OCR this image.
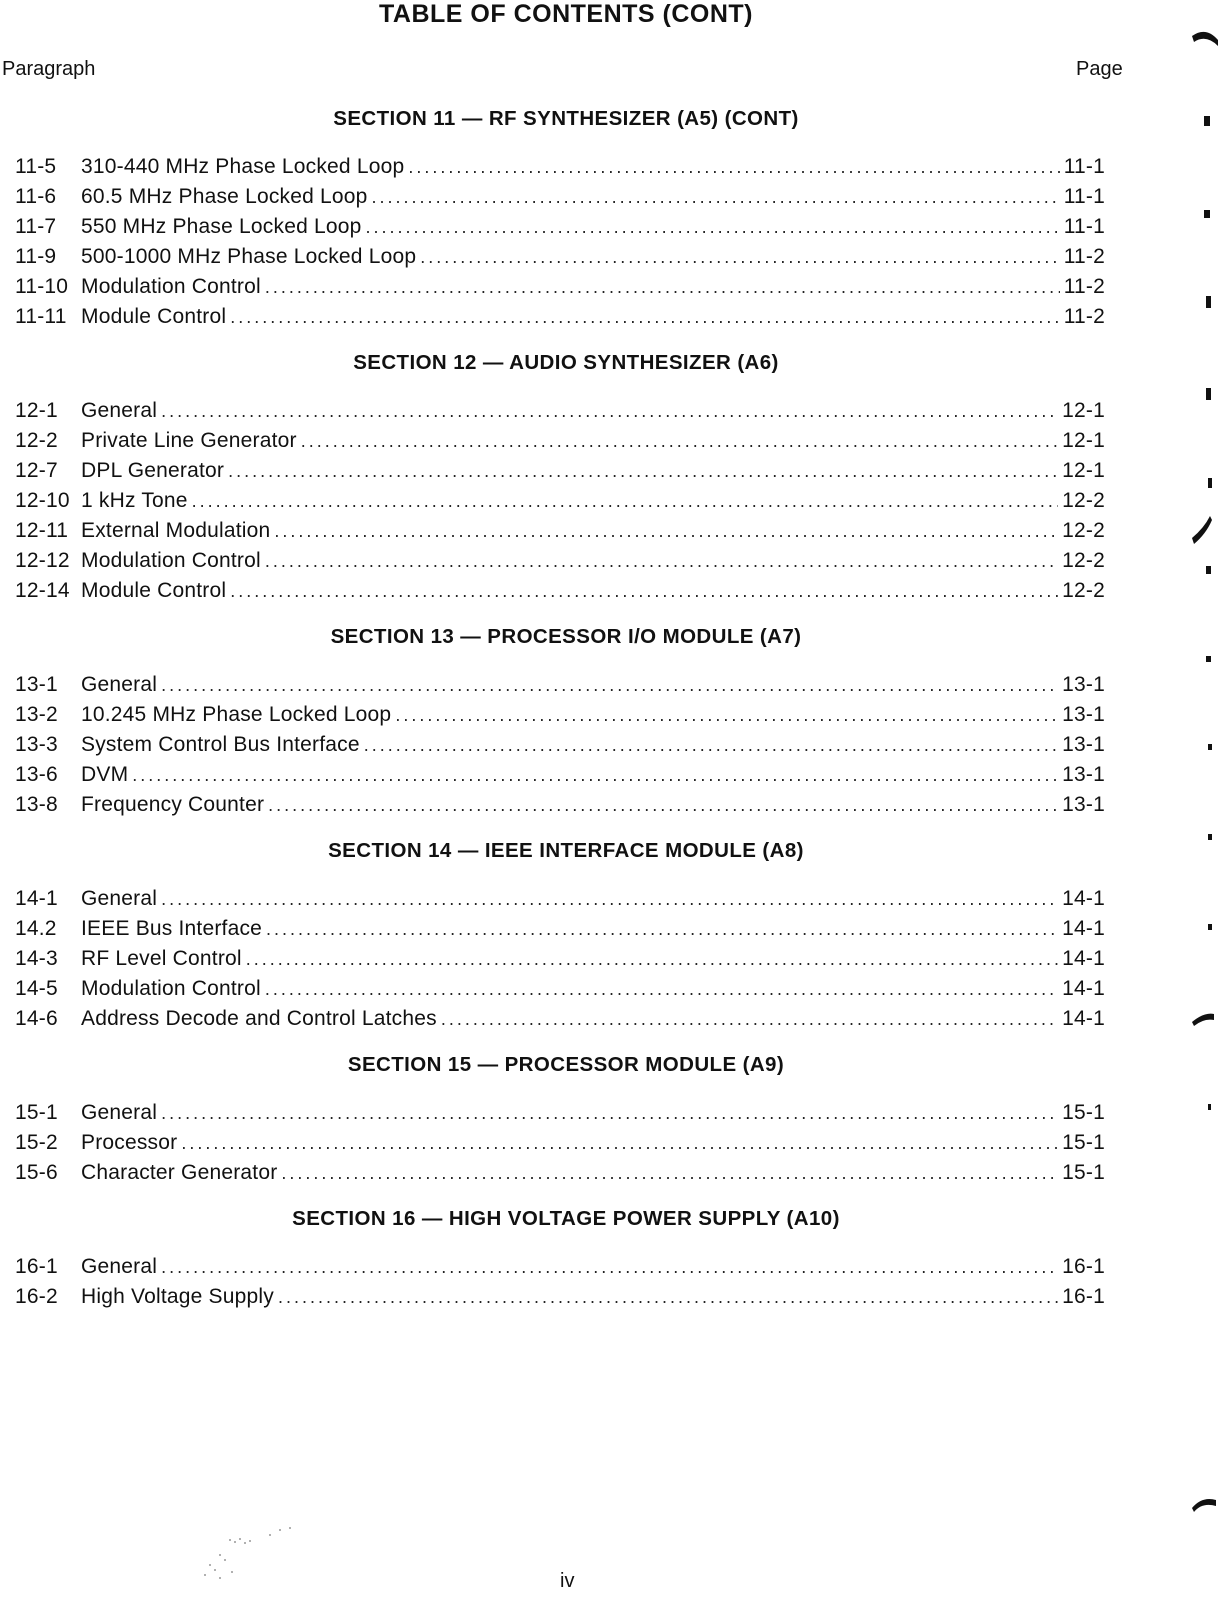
TABLE OF CONTENTS (CONT)
Paragraph	Page
SECTION 11 — RF SYNTHESIZER (A5) (CONT)
11-5	310-440 MHz Phase Locked Loop . . .	11-1
11-6	60.5 MHz Phase Locked Loop . . .	11-1
11-7	550 MHz Phase Locked Loop . . .	11-1
11-9	500-1000 MHz Phase Locked Loop . . .	11-2
11-10 Modulation Control . . .	11-2
11-11 Module Control . . .	11-2
SECTION 12 — AUDIO SYNTHESIZER (A6)
12-1	General . . .	12-1
12-2	Private Line Generator . . .	12-1
12-7	DPL Generator . . .	12-1
12-10 1 kHz Tone . . .	12-2
12-11 External Modulation . . .	12-2
12-12 Modulation Control . . .	12-2
12-14 Module Control . . .	12-2
SECTION 13 — PROCESSOR I/O MODULE (A7)
13-1	General . . .	13-1
13-2	10.245 MHz Phase Locked Loop . . .	13-1
13-3	System Control Bus Interface . . .	13-1
13-6	DVM . . .	13-1
13-8	Frequency Counter . . .	13-1
SECTION 14 — IEEE INTERFACE MODULE (A8)
14-1	General . . .	14-1
14.2	IEEE Bus Interface . . .	14-1
14-3	RF Level Control . . .	14-1
14-5	Modulation Control . . .	14-1
14-6	Address Decode and Control Latches . . .	14-1
SECTION 15 — PROCESSOR MODULE (A9)
15-1	General . . .	15-1
15-2	Processor . . .	15-1
15-6	Character Generator . . .	15-1
SECTION 16 — HIGH VOLTAGE POWER SUPPLY (A10)
16-1	General . . .	16-1
16-2	High Voltage Supply . . .	16-1
iv
